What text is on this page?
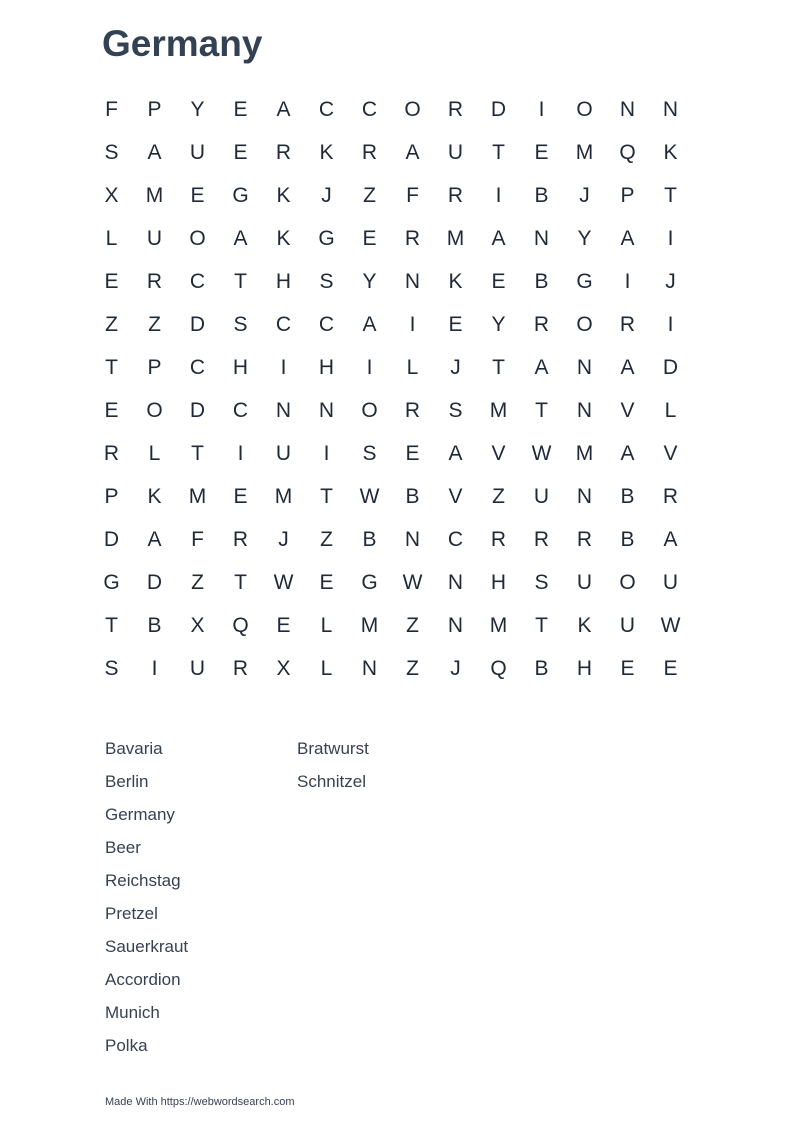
Germany
F	P	Y	E	A	C	C	O	R	D	I	O	N	N
S	A	U	E	R	K	R	A	U	T	E	M	Q	K
X	M	E	G	K	J	Z	F	R	I	B	J	P	T
L	U	O	A	K	G	E	R	M	A	N	Y	A	I
E	R	C	T	H	S	Y	N	K	E	B	G	I	J
Z	Z	D	S	C	C	A	I	E	Y	R	O	R	I
T	P	C	H	I	H	I	L	J	T	A	N	A	D
E	O	D	C	N	N	O	R	S	M	T	N	V	L
R	L	T	I	U	I	S	E	A	V	W	M	A	V
P	K	M	E	M	T	W	B	V	Z	U	N	B	R
D	A	F	R	J	Z	B	N	C	R	R	R	B	A
G	D	Z	T	W	E	G	W	N	H	S	U	O	U
T	B	X	Q	E	L	M	Z	N	M	T	K	U	W
S	I	U	R	X	L	N	Z	J	Q	B	H	E	E
Bavaria
Berlin
Germany
Beer
Reichstag
Pretzel
Sauerkraut
Accordion
Munich
Polka
Bratwurst
Schnitzel
Made With https://webwordsearch.com
